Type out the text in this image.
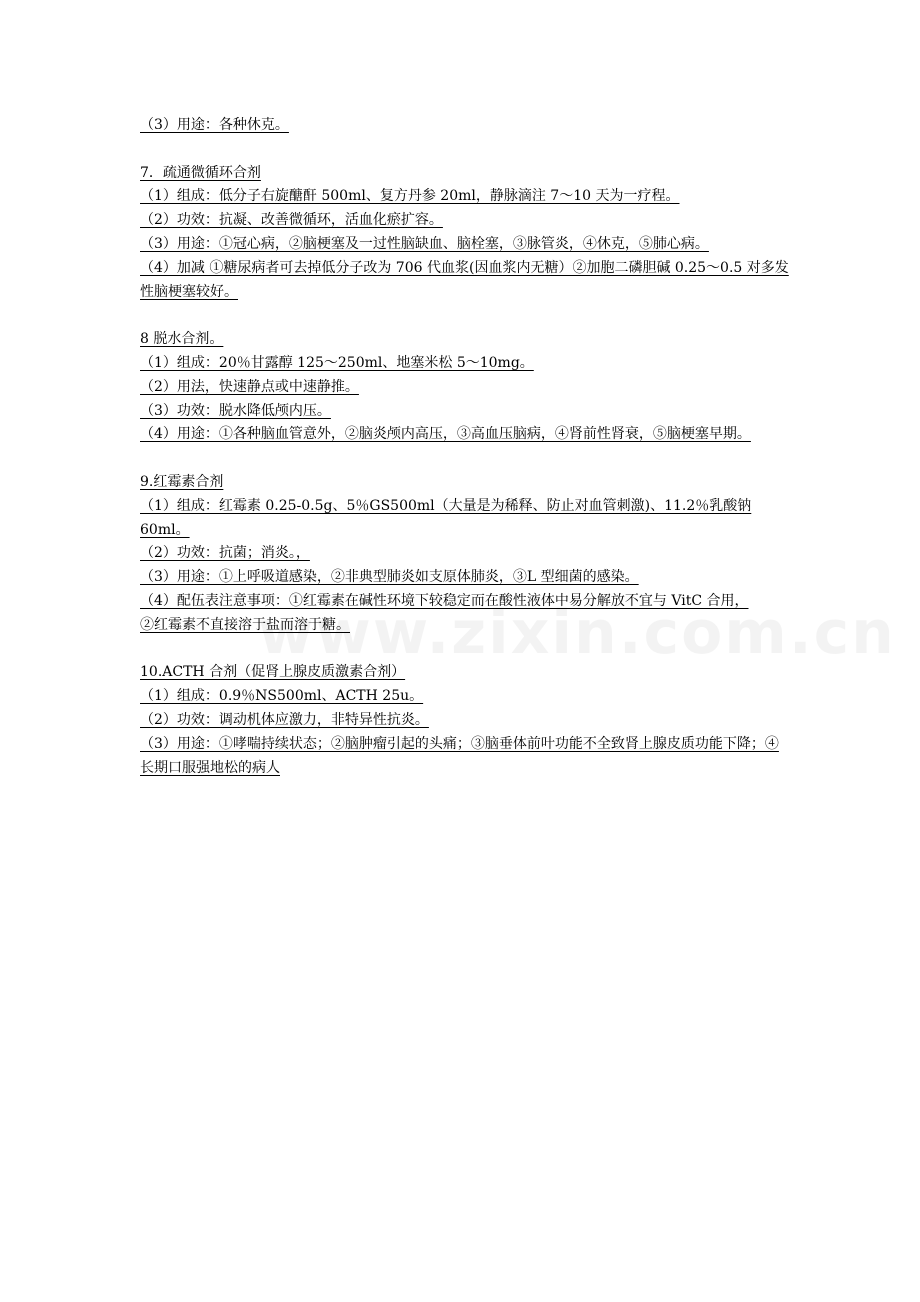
（3）用途：各种休克。
7．疏通微循环合剂
（1）组成：低分子右旋醣酐 500ml、复方丹参 20ml，静脉滴注 7～10 天为一疗程。
（2）功效：抗凝、改善微循环，活血化瘀扩容。
（3）用途：①冠心病，②脑梗塞及一过性脑缺血、脑栓塞，③脉管炎，④休克，⑤肺心病。
（4）加减 ①糖尿病者可去掉低分子改为 706 代血浆(因血浆内无糖）②加胞二磷胆碱 0.25～0.5 对多发性脑梗塞较好。
8 脱水合剂。
（1）组成：20％甘露醇 125～250ml、地塞米松 5～10mg。
（2）用法，快速静点或中速静推。
（3）功效：脱水降低颅内压。
（4）用途：①各种脑血管意外，②脑炎颅内高压，③高血压脑病，④肾前性肾衰，⑤脑梗塞早期。
9.红霉素合剂
（1）组成：红霉素 0.25-0.5g、5％GS500ml（大量是为稀释、防止对血管刺激)、11.2％乳酸钠 60ml。
（2）功效：抗菌；消炎。，
（3）用途：①上呼吸道感染，②非典型肺炎如支原体肺炎，③L 型细菌的感染。
（4）配伍表注意事项：①红霉素在碱性环境下较稳定而在酸性液体中易分解放不宜与 VitC 合用，
②红霉素不直接溶于盐而溶于糖。
10.ACTH 合剂（促肾上腺皮质激素合剂）
（1）组成：0.9％NS500ml、ACTH 25u。
（2）功效：调动机体应激力，非特异性抗炎。
（3）用途：①哮喘持续状态；②脑肿瘤引起的头痛；③脑垂体前叶功能不全致肾上腺皮质功能下降；④长期口服强地松的病人
